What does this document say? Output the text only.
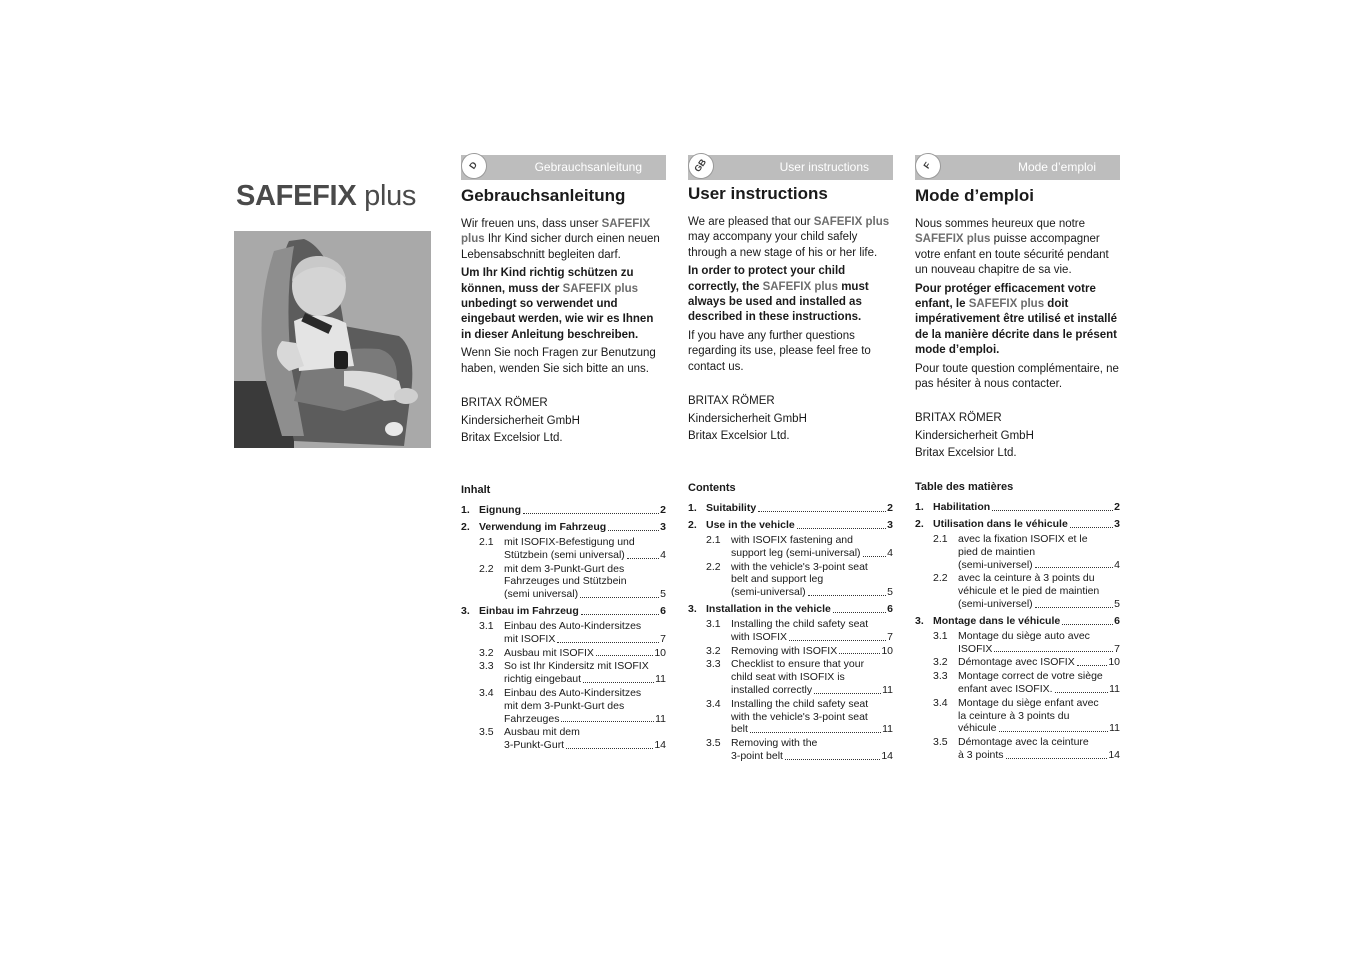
SAFEFIX plus
D	Gebrauchsanleitung
Gebrauchsanleitung

Wir freuen uns, dass unser SAFEFIX plus Ihr Kind sicher durch einen neuen Lebensabschnitt begleiten darf.

Um Ihr Kind richtig schützen zu können, muss der SAFEFIX plus unbedingt so verwendet und eingebaut werden, wie wir es Ihnen in dieser Anleitung beschreiben.

Wenn Sie noch Fragen zur Benutzung haben, wenden Sie sich bitte an uns.

BRITAX RÖMER
Kindersicherheit GmbH
Britax Excelsior Ltd.
GB	User instructions
User instructions

We are pleased that our SAFEFIX plus may accompany your child safely through a new stage of his or her life.

In order to protect your child correctly, the SAFEFIX plus must always be used and installed as described in these instructions.

If you have any further questions regarding its use, please feel free to contact us.

BRITAX RÖMER
Kindersicherheit GmbH
Britax Excelsior Ltd.
F	Mode d’emploi
Mode d’emploi

Nous sommes heureux que notre SAFEFIX plus puisse accompagner votre enfant en toute sécurité pendant un nouveau chapitre de sa vie.

Pour protéger efficacement votre enfant, le SAFEFIX plus doit impérativement être utilisé et installé de la manière décrite dans le présent mode d’emploi.

Pour toute question complémentaire, ne pas hésiter à nous contacter.

BRITAX RÖMER
Kindersicherheit GmbH
Britax Excelsior Ltd.
Inhalt
1. Eignung	2
2. Verwendung im Fahrzeug	3
2.1 mit ISOFIX-Befestigung und
Stützbein (semi universal)	4
2.2 mit dem 3-Punkt-Gurt des
Fahrzeuges und Stützbein
(semi universal)	5
3. Einbau im Fahrzeug	6
3.1 Einbau des Auto-Kindersitzes
mit ISOFIX	7
3.2 Ausbau mit ISOFIX	10
3.3 So ist Ihr Kindersitz mit ISOFIX
richtig eingebaut	11
3.4 Einbau des Auto-Kindersitzes
mit dem 3-Punkt-Gurt des
Fahrzeuges	11
3.5 Ausbau mit dem
3-Punkt-Gurt	14
Contents
1. Suitability	2
2. Use in the vehicle	3
2.1 with ISOFIX fastening and
support leg (semi-universal)	4
2.2 with the vehicle's 3-point seat
belt and support leg
(semi-universal)	5
3. Installation in the vehicle	6
3.1 Installing the child safety seat
with ISOFIX	7
3.2 Removing with ISOFIX	10
3.3 Checklist to ensure that your
child seat with ISOFIX is
installed correctly	11
3.4 Installing the child safety seat
with the vehicle's 3-point seat
belt	11
3.5 Removing with the
3-point belt	14
Table des matières
1. Habilitation	2
2. Utilisation dans le véhicule	3
2.1 avec la fixation ISOFIX et le
pied de maintien
(semi-universel)	4
2.2 avec la ceinture à 3 points du
véhicule et le pied de maintien
(semi-universel)	5
3. Montage dans le véhicule	6
3.1 Montage du siège auto avec
ISOFIX	7
3.2 Démontage avec ISOFIX	10
3.3 Montage correct de votre siège
enfant avec ISOFIX.	11
3.4 Montage du siège enfant avec
la ceinture à 3 points du
véhicule	11
3.5 Démontage avec la ceinture
à 3 points	14
